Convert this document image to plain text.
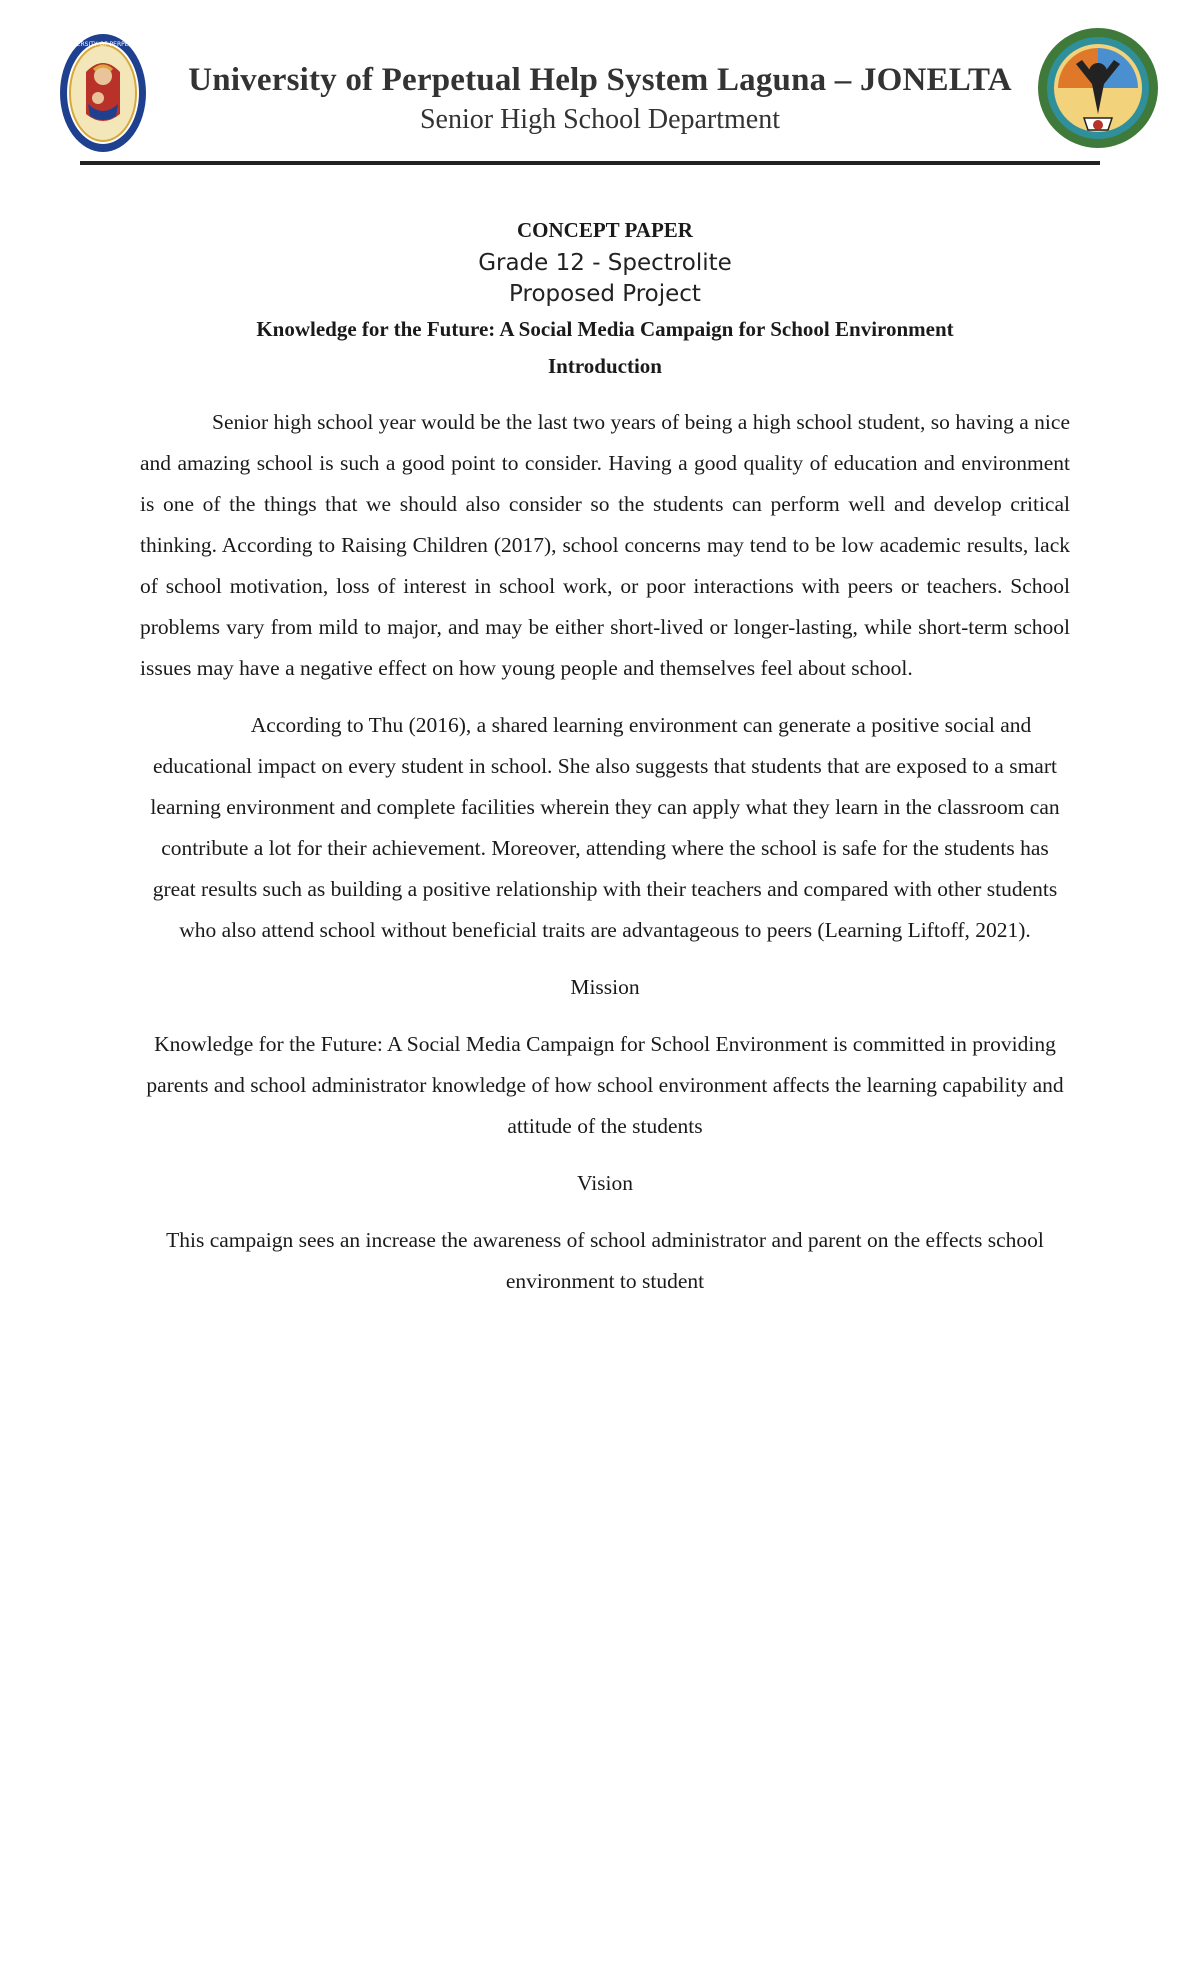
UNIVERSITY OF PERPETUAL
University of Perpetual Help System Laguna – JONELTA
Senior High School Department

CONCEPT PAPER

Grade 12 - Spectrolite

Proposed Project

Knowledge for the Future: A Social Media Campaign for School Environment

Introduction

Senior high school year would be the last two years of being a high school student, so having a nice and amazing school is such a good point to consider. Having a good quality of education and environment is one of the things that we should also consider so the students can perform well and develop critical thinking. According to Raising Children (2017), school concerns may tend to be low academic results, lack of school motivation, loss of interest in school work, or poor interactions with peers or teachers. School problems vary from mild to major, and may be either short-lived or longer-lasting, while short-term school issues may have a negative effect on how young people and themselves feel about school.

According to Thu (2016), a shared learning environment can generate a positive social and educational impact on every student in school. She also suggests that students that are exposed to a smart learning environment and complete facilities wherein they can apply what they learn in the classroom can contribute a lot for their achievement. Moreover, attending where the school is safe for the students has great results such as building a positive relationship with their teachers and compared with other students who also attend school without beneficial traits are advantageous to peers (Learning Liftoff, 2021).

Mission

Knowledge for the Future: A Social Media Campaign for School Environment is committed in providing parents and school administrator knowledge of how school environment affects the learning capability and attitude of the students

Vision

This campaign sees an increase the awareness of school administrator and parent on the effects school environment to student
